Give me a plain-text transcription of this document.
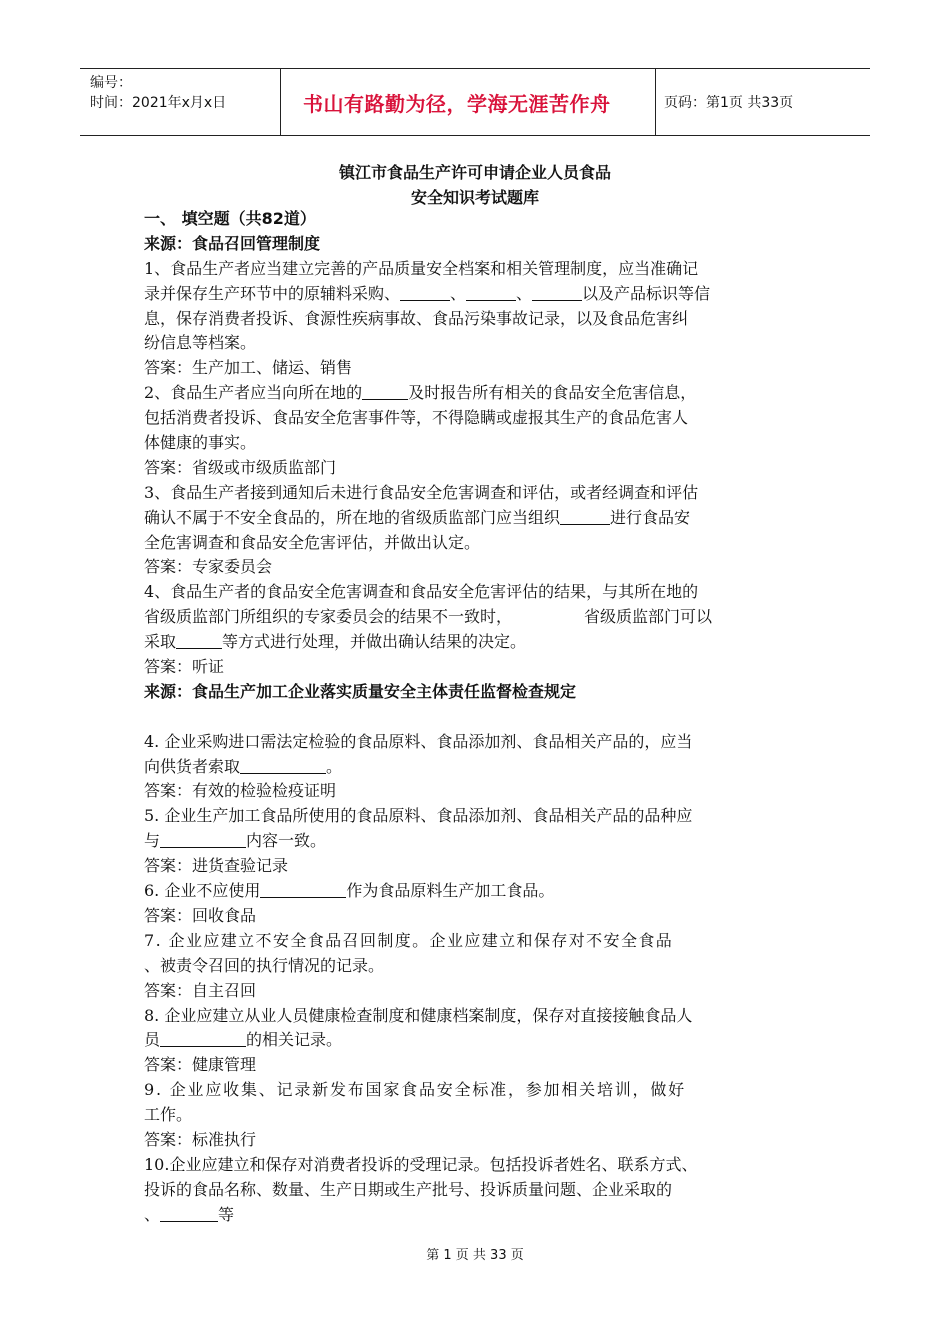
编号：
时间：2021年x月x日	书山有路勤为径，学海无涯苦作舟	页码：第1页 共33页
镇江市食品生产许可申请企业人员食品
安全知识考试题库
一、 填空题（共82道）
来源：食品召回管理制度
1、食品生产者应当建立完善的产品质量安全档案和相关管理制度，应当准确记
录并保存生产环节中的原辅料采购、	、	、	以及产品标识等信
息，保存消费者投诉、食源性疾病事故、食品污染事故记录，以及食品危害纠
纷信息等档案。
答案：生产加工、储运、销售
2、食品生产者应当向所在地的	及时报告所有相关的食品安全危害信息，
包括消费者投诉、食品安全危害事件等，不得隐瞒或虚报其生产的食品危害人
体健康的事实。
答案：省级或市级质监部门
3、食品生产者接到通知后未进行食品安全危害调查和评估，或者经调查和评估
确认不属于不安全食品的，所在地的省级质监部门应当组织	进行食品安
全危害调查和食品安全危害评估，并做出认定。
答案：专家委员会
4、食品生产者的食品安全危害调查和食品安全危害评估的结果，与其所在地的
省级质监部门所组织的专家委员会的结果不一致时，	省级质监部门可以
采取	等方式进行处理，并做出确认结果的决定。
答案：听证
来源：食品生产加工企业落实质量安全主体责任监督检查规定
4. 企业采购进口需法定检验的食品原料、食品添加剂、食品相关产品的，应当
向供货者索取	。
答案：有效的检验检疫证明
5. 企业生产加工食品所使用的食品原料、食品添加剂、食品相关产品的品种应
与	内容一致。
答案：进货查验记录
6. 企业不应使用	作为食品原料生产加工食品。
答案：回收食品
7. 企业应建立不安全食品召回制度。企业应建立和保存对不安全食品
、被责令召回的执行情况的记录。
答案：自主召回
8. 企业应建立从业人员健康检查制度和健康档案制度，保存对直接接触食品人
员	的相关记录。
答案：健康管理
9. 企业应收集、记录新发布国家食品安全标准，参加相关培训，做好
工作。
答案：标准执行
10.企业应建立和保存对消费者投诉的受理记录。包括投诉者姓名、联系方式、
投诉的食品名称、数量、生产日期或生产批号、投诉质量问题、企业采取的
、	等
第 1 页 共 33 页
